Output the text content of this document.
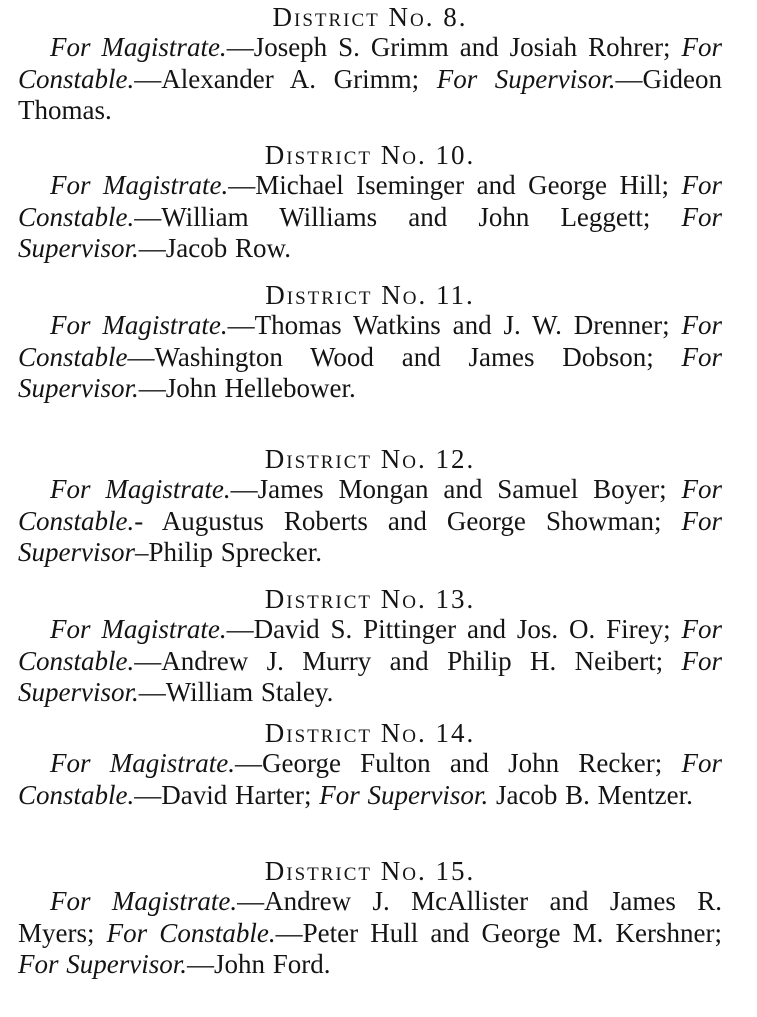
District No. 8.

For Magistrate.—Joseph S. Grimm and Josiah Rohrer; For Constable.—Alexander A. Grimm; For Supervisor.—Gideon Thomas.

District No. 10.

For Magistrate.—Michael Iseminger and George Hill; For Constable.—William Williams and John Leggett; For Supervisor.—Jacob Row.

District No. 11.

For Magistrate.—Thomas Watkins and J. W. Drenner; For Constable—Washington Wood and James Dobson; For Supervisor.—John Hellebower.

District No. 12.

For Magistrate.—James Mongan and Samuel Boyer; For Constable.- Augustus Roberts and George Showman; For Supervisor–Philip Sprecker.

District No. 13.

For Magistrate.—David S. Pittinger and Jos. O. Firey; For Constable.—Andrew J. Murry and Philip H. Neibert; For Supervisor.—William Staley.

District No. 14.

For Magistrate.—George Fulton and John Recker; For Constable.—David Harter; For Supervisor. Jacob B. Mentzer.

District No. 15.

For Magistrate.—Andrew J. McAllister and James R. Myers; For Constable.—Peter Hull and George M. Kershner; For Supervisor.—John Ford.
